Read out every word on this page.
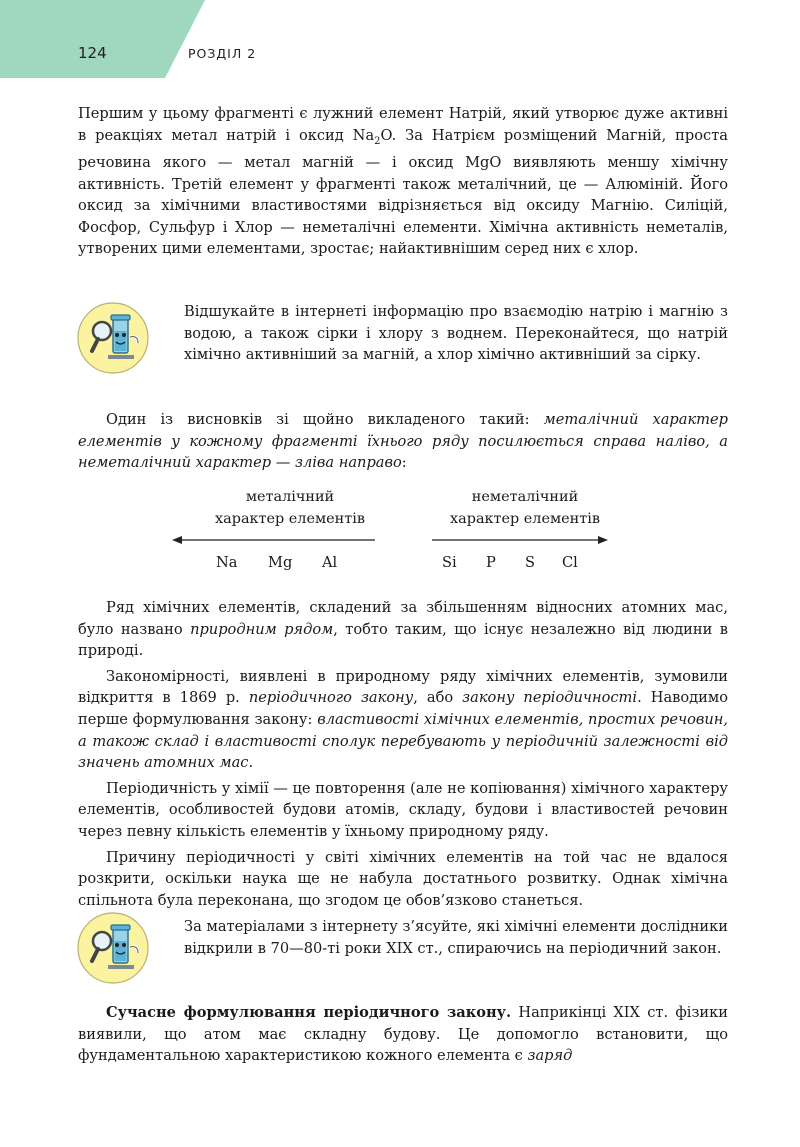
124	РОЗДІЛ 2

Першим у цьому фрагменті є лужний елемент Натрій, який утворює дуже активні в реакціях метал натрій і оксид $Na_2O$. За Натрієм розміщений Магній, проста речовина якого — метал магній — і оксид MgO виявляють меншу хімічну активність. Третій елемент у фрагменті також металічний, це — Алюміній. Його оксид за хімічними властивостями відрізняється від оксиду Магнію. Силіцій, Фосфор, Сульфур і Хлор — неметалічні елементи. Хімічна активність неметалів, утворених цими елементами, зростає; найактивнішим серед них є хлор.

Відшукайте в інтернеті інформацію про взаємодію натрію і магнію з водою, а також сірки і хлору з воднем. Переконайтеся, що натрій хімічно активніший за магній, а хлор хімічно активніший за сірку.

Один із висновків зі щойно викладеного такий: металічний характер елементів у кожному фрагменті їхнього ряду посилюється справа наліво, а неметалічний характер — зліва направо:

металічний
характер елементів
неметалічний
характер елементів
Na Mg Al	Si P S Cl

Ряд хімічних елементів, складений за збільшенням відносних атомних мас, було названо природним рядом, тобто таким, що існує незалежно від людини в природі.

Закономірності, виявлені в природному ряду хімічних елементів, зумовили відкриття в 1869 р. періодичного закону, або закону періодичності. Наводимо перше формулювання закону: властивості хімічних елементів, простих речовин, а також склад і властивості сполук перебувають у періодичній залежності від значень атомних мас.

Періодичність у хімії — це повторення (але не копіювання) хімічного характеру елементів, особливостей будови атомів, складу, будови і властивостей речовин через певну кількість елементів у їхньому природному ряду.

Причину періодичності у світі хімічних елементів на той час не вдалося розкрити, оскільки наука ще не набула достатнього розвитку. Однак хімічна спільнота була переконана, що згодом це обов’язково станеться.

За матеріалами з інтернету з’ясуйте, які хімічні елементи дослідники відкрили в 70—80-ті роки XIX ст., спираючись на періодичний закон.

Сучасне формулювання періодичного закону. Наприкінці XIX ст. фізики виявили, що атом має складну будову. Це допомогло встановити, що фундаментальною характеристикою кожного елемента є заряд
